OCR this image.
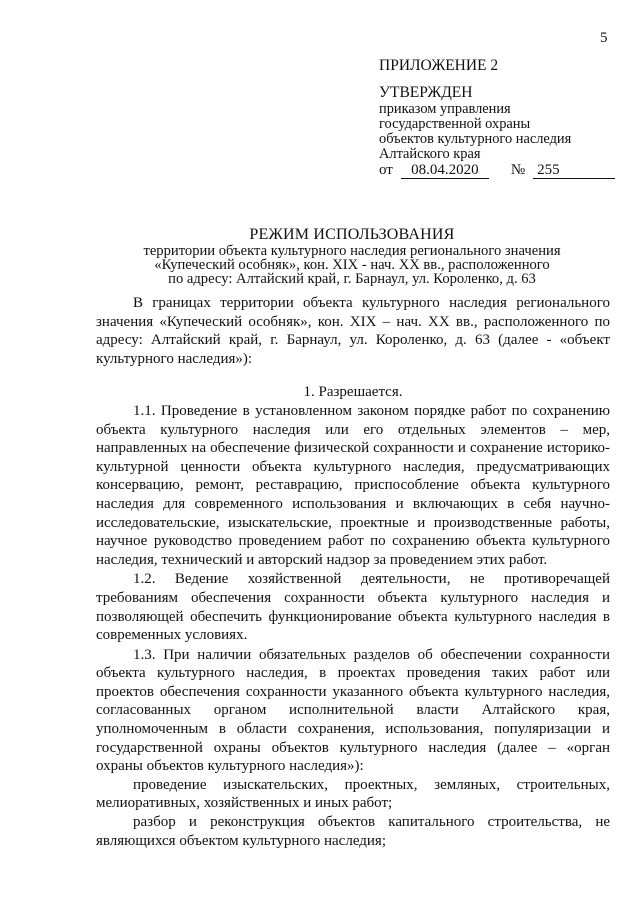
5
ПРИЛОЖЕНИЕ 2
УТВЕРЖДЕН
приказом управления
государственной охраны
объектов культурного наследия
Алтайского края
от 08.04.2020 № 255
РЕЖИМ ИСПОЛЬЗОВАНИЯ
территории объекта культурного наследия регионального значения
«Купеческий особняк», кон. XIX - нач. XX вв., расположенного
по адресу: Алтайский край, г. Барнаул, ул. Короленко, д. 63

В границах территории объекта культурного наследия регионального значения «Купеческий особняк», кон. XIX – нач. XX вв., расположенного по адресу: Алтайский край, г. Барнаул, ул. Короленко, д. 63 (далее - «объект культурного наследия»):

1. Разрешается.

1.1. Проведение в установленном законом порядке работ по сохранению объекта культурного наследия или его отдельных элементов – мер, направленных на обеспечение физической сохранности и сохранение историко-культурной ценности объекта культурного наследия, предусматривающих консервацию, ремонт, реставрацию, приспособление объекта культурного наследия для современного использования и включающих в себя научно-исследовательские, изыскательские, проектные и производственные работы, научное руководство проведением работ по сохранению объекта культурного наследия, технический и авторский надзор за проведением этих работ.

1.2. Ведение хозяйственной деятельности, не противоречащей требованиям обеспечения сохранности объекта культурного наследия и позволяющей обеспечить функционирование объекта культурного наследия в современных условиях.

1.3. При наличии обязательных разделов об обеспечении сохранности объекта культурного наследия, в проектах проведения таких работ или проектов обеспечения сохранности указанного объекта культурного наследия, согласованных органом исполнительной власти Алтайского края, уполномоченным в области сохранения, использования, популяризации и государственной охраны объектов культурного наследия (далее – «орган охраны объектов культурного наследия»):

проведение изыскательских, проектных, земляных, строительных, мелиоративных, хозяйственных и иных работ;

разбор и реконструкция объектов капитального строительства, не являющихся объектом культурного наследия;
